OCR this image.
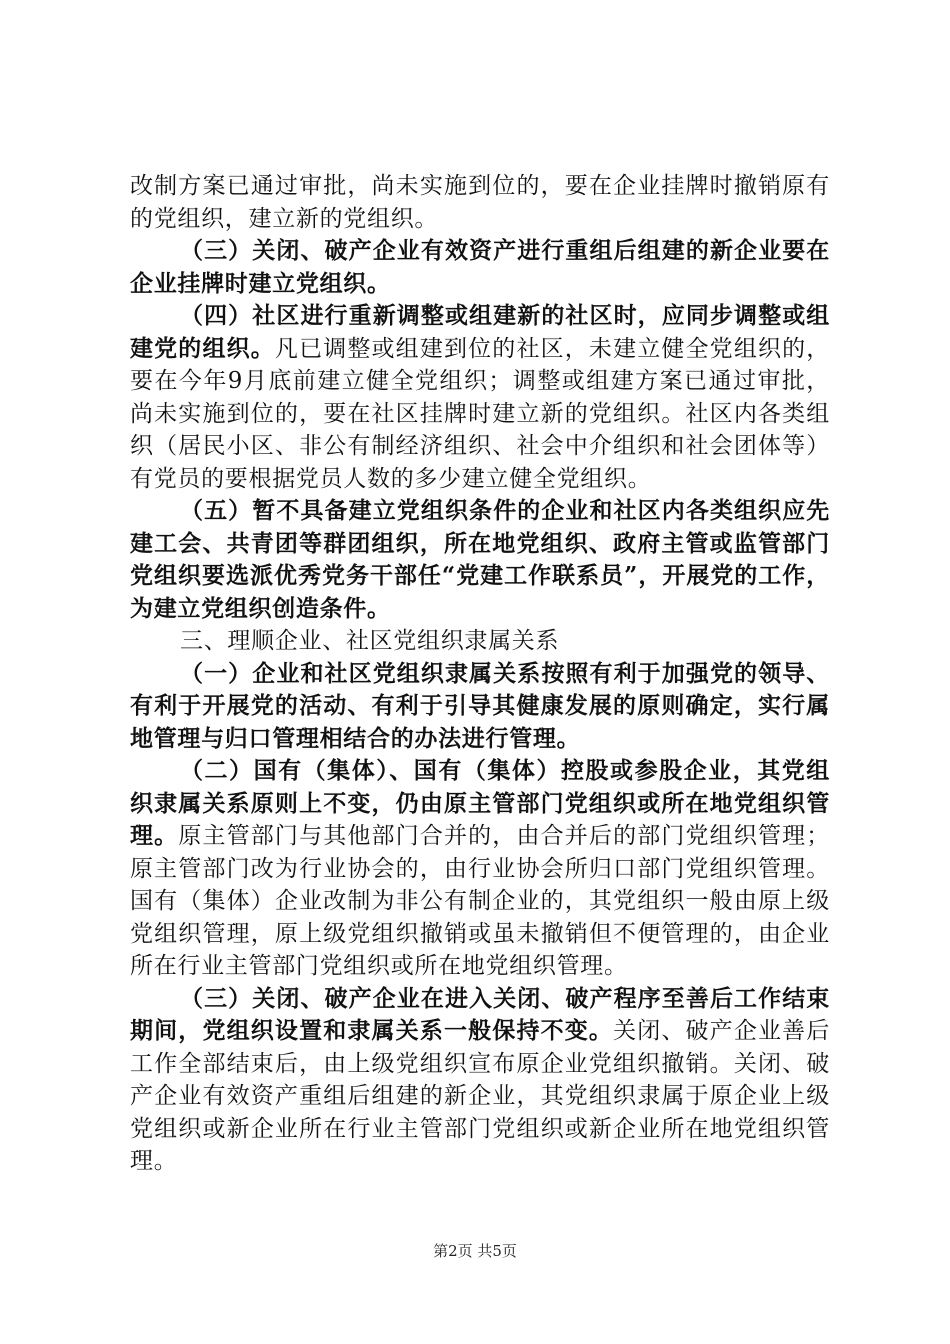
改制方案已通过审批，尚未实施到位的，要在企业挂牌时撤销原有的党组织，建立新的党组织。

（三）关闭、破产企业有效资产进行重组后组建的新企业要在企业挂牌时建立党组织。

（四）社区进行重新调整或组建新的社区时，应同步调整或组建党的组织。凡已调整或组建到位的社区，未建立健全党组织的，要在今年9月底前建立健全党组织；调整或组建方案已通过审批，尚未实施到位的，要在社区挂牌时建立新的党组织。社区内各类组织（居民小区、非公有制经济组织、社会中介组织和社会团体等）有党员的要根据党员人数的多少建立健全党组织。

（五）暂不具备建立党组织条件的企业和社区内各类组织应先建工会、共青团等群团组织，所在地党组织、政府主管或监管部门党组织要选派优秀党务干部任“党建工作联系员”，开展党的工作，为建立党组织创造条件。

三、理顺企业、社区党组织隶属关系

（一）企业和社区党组织隶属关系按照有利于加强党的领导、有利于开展党的活动、有利于引导其健康发展的原则确定，实行属地管理与归口管理相结合的办法进行管理。

（二）国有（集体）、国有（集体）控股或参股企业，其党组织隶属关系原则上不变，仍由原主管部门党组织或所在地党组织管理。原主管部门与其他部门合并的，由合并后的部门党组织管理；原主管部门改为行业协会的，由行业协会所归口部门党组织管理。国有（集体）企业改制为非公有制企业的，其党组织一般由原上级党组织管理，原上级党组织撤销或虽未撤销但不便管理的，由企业所在行业主管部门党组织或所在地党组织管理。

（三）关闭、破产企业在进入关闭、破产程序至善后工作结束期间，党组织设置和隶属关系一般保持不变。关闭、破产企业善后工作全部结束后，由上级党组织宣布原企业党组织撤销。关闭、破产企业有效资产重组后组建的新企业，其党组织隶属于原企业上级党组织或新企业所在行业主管部门党组织或新企业所在地党组织管理。

第2页 共5页
